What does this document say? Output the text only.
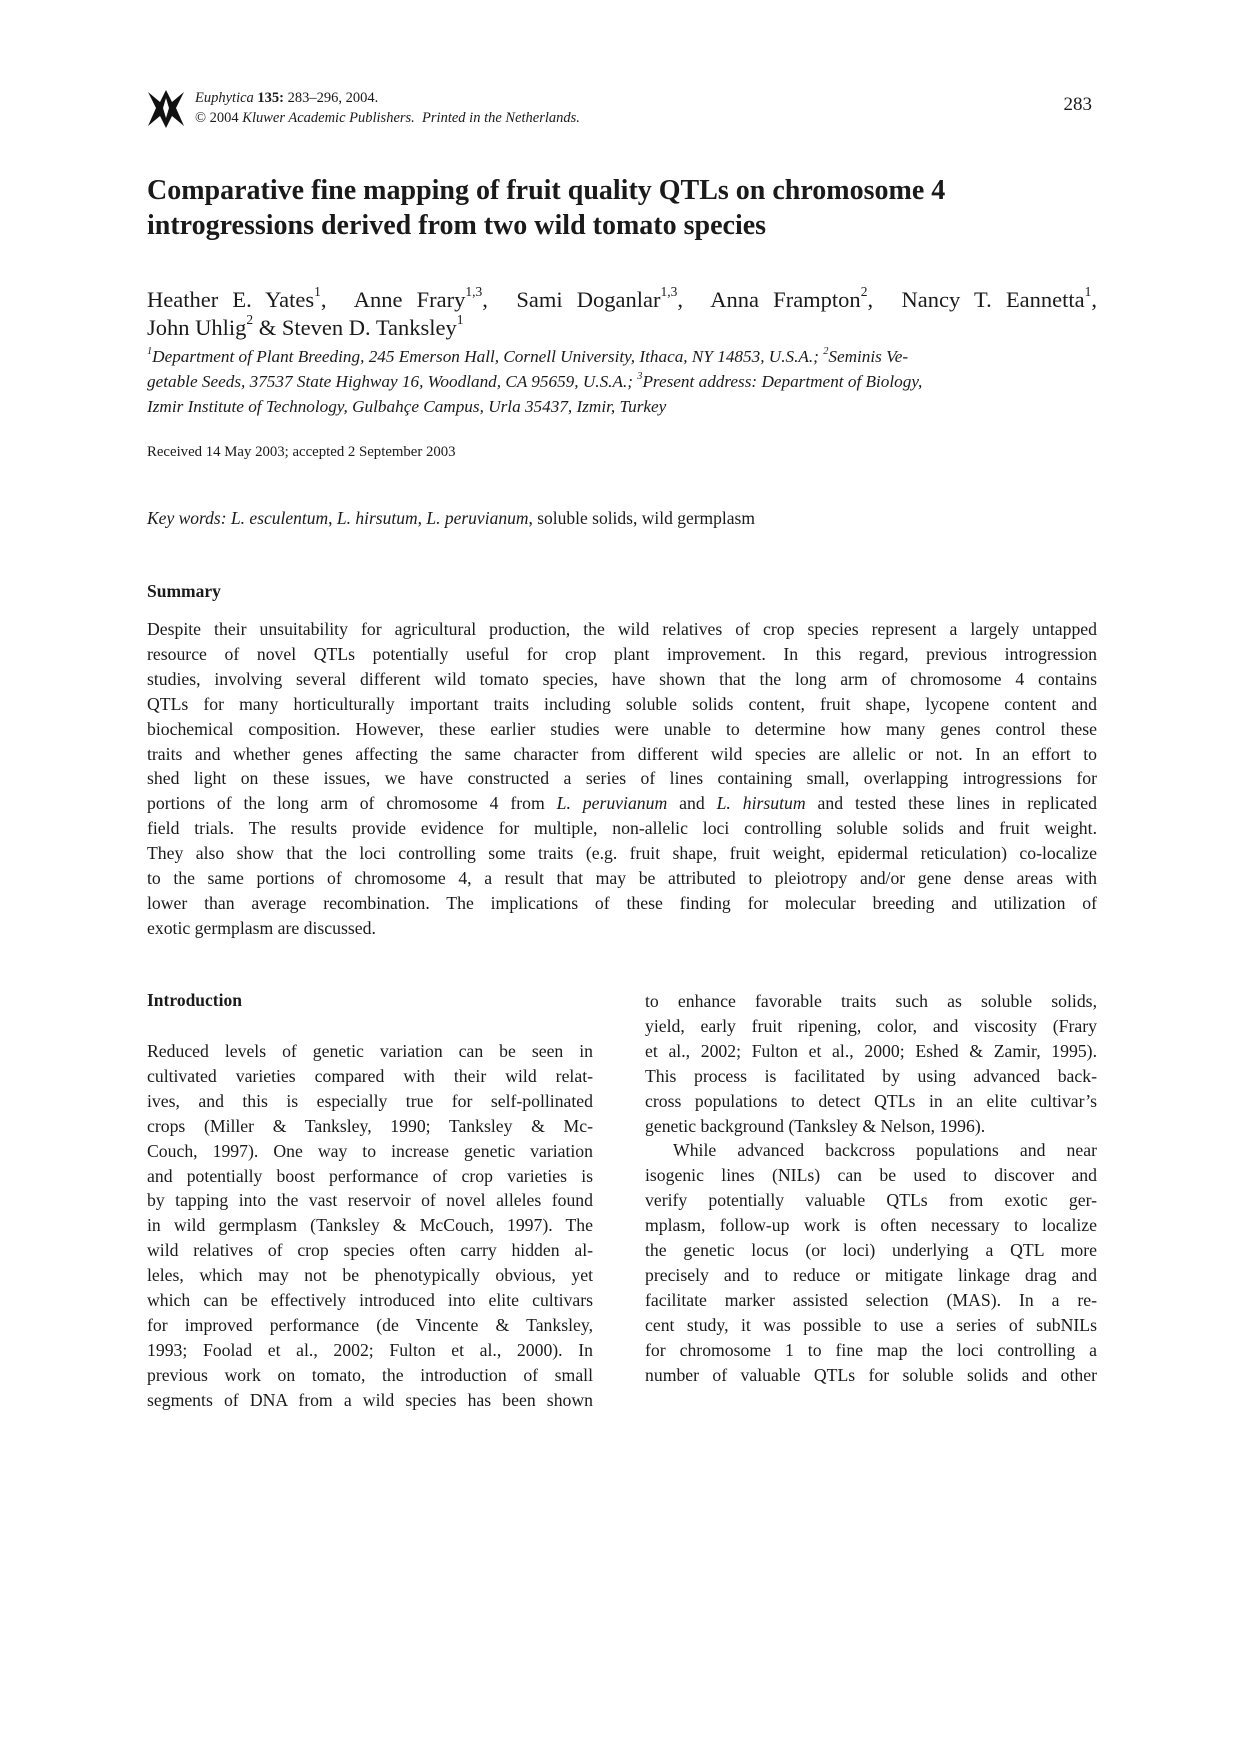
Euphytica 135: 283–296, 2004.
© 2004 Kluwer Academic Publishers.  Printed in the Netherlands.
283
Comparative fine mapping of fruit quality QTLs on chromosome 4
introgressions derived from two wild tomato species
Heather E. Yates$^1$,  Anne Frary$^{1,3}$,  Sami Doganlar$^{1,3}$,  Anna Frampton$^2$,  Nancy T. Eannetta$^1$,
John Uhlig$^2$ & Steven D. Tanksley$^1$
$^1$Department of Plant Breeding, 245 Emerson Hall, Cornell University, Ithaca, NY 14853, U.S.A.; $^2$Seminis Ve-
getable Seeds, 37537 State Highway 16, Woodland, CA 95659, U.S.A.; $^3$Present address: Department of Biology,
Izmir Institute of Technology, Gulbahçe Campus, Urla 35437, Izmir, Turkey
Received 14 May 2003; accepted 2 September 2003
Key words: L. esculentum, L. hirsutum, L. peruvianum, soluble solids, wild germplasm
Summary
Despite their unsuitability for agricultural production, the wild relatives of crop species represent a largely untapped
resource of novel QTLs potentially useful for crop plant improvement. In this regard, previous introgression
studies, involving several different wild tomato species, have shown that the long arm of chromosome 4 contains
QTLs for many horticulturally important traits including soluble solids content, fruit shape, lycopene content and
biochemical composition. However, these earlier studies were unable to determine how many genes control these
traits and whether genes affecting the same character from different wild species are allelic or not. In an effort to
shed light on these issues, we have constructed a series of lines containing small, overlapping introgressions for
portions of the long arm of chromosome 4 from L. peruvianum and L. hirsutum and tested these lines in replicated
field trials. The results provide evidence for multiple, non-allelic loci controlling soluble solids and fruit weight.
They also show that the loci controlling some traits (e.g. fruit shape, fruit weight, epidermal reticulation) co-localize
to the same portions of chromosome 4, a result that may be attributed to pleiotropy and/or gene dense areas with
lower than average recombination. The implications of these finding for molecular breeding and utilization of
exotic germplasm are discussed.
Introduction
Reduced levels of genetic variation can be seen in
cultivated varieties compared with their wild relat-
ives, and this is especially true for self-pollinated
crops (Miller & Tanksley, 1990; Tanksley & Mc-
Couch, 1997). One way to increase genetic variation
and potentially boost performance of crop varieties is
by tapping into the vast reservoir of novel alleles found
in wild germplasm (Tanksley & McCouch, 1997). The
wild relatives of crop species often carry hidden al-
leles, which may not be phenotypically obvious, yet
which can be effectively introduced into elite cultivars
for improved performance (de Vincente & Tanksley,
1993; Foolad et al., 2002; Fulton et al., 2000). In
previous work on tomato, the introduction of small
segments of DNA from a wild species has been shown
to enhance favorable traits such as soluble solids,
yield, early fruit ripening, color, and viscosity (Frary
et al., 2002; Fulton et al., 2000; Eshed & Zamir, 1995).
This process is facilitated by using advanced back-
cross populations to detect QTLs in an elite cultivar’s
genetic background (Tanksley & Nelson, 1996).
While advanced backcross populations and near
isogenic lines (NILs) can be used to discover and
verify potentially valuable QTLs from exotic ger-
mplasm, follow-up work is often necessary to localize
the genetic locus (or loci) underlying a QTL more
precisely and to reduce or mitigate linkage drag and
facilitate marker assisted selection (MAS). In a re-
cent study, it was possible to use a series of subNILs
for chromosome 1 to fine map the loci controlling a
number of valuable QTLs for soluble solids and other
